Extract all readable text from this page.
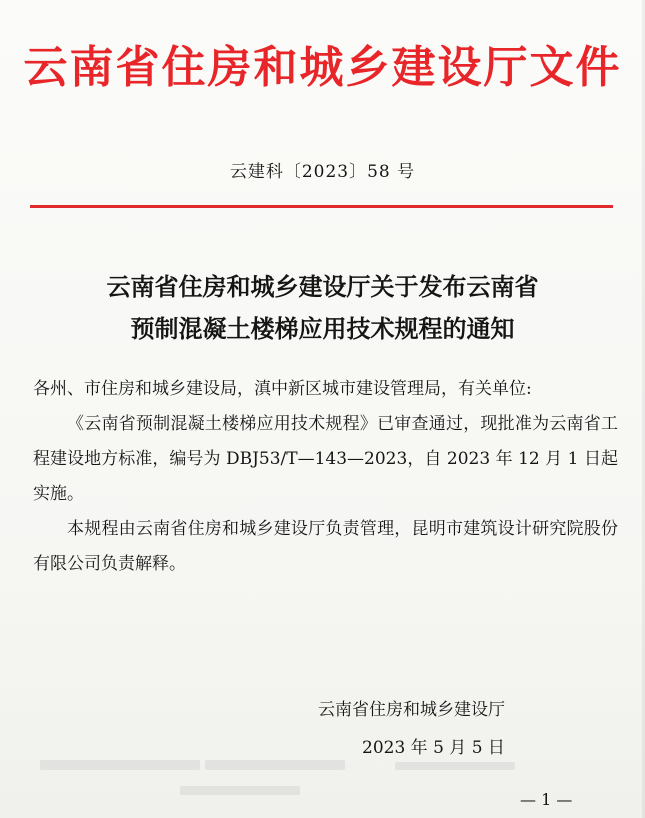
云南省住房和城乡建设厅文件
云建科〔2023〕58 号
云南省住房和城乡建设厅关于发布云南省
预制混凝土楼梯应用技术规程的通知

各州、市住房和城乡建设局，滇中新区城市建设管理局，有关单位:

《云南省预制混凝土楼梯应用技术规程》已审查通过，现批准为云南省工程建设地方标准，编号为 DBJ53/T—143—2023，自 2023 年 12 月 1 日起实施。

本规程由云南省住房和城乡建设厅负责管理，昆明市建筑设计研究院股份有限公司负责解释。

云南省住房和城乡建设厅
2023 年 5 月 5 日
— 1 —
